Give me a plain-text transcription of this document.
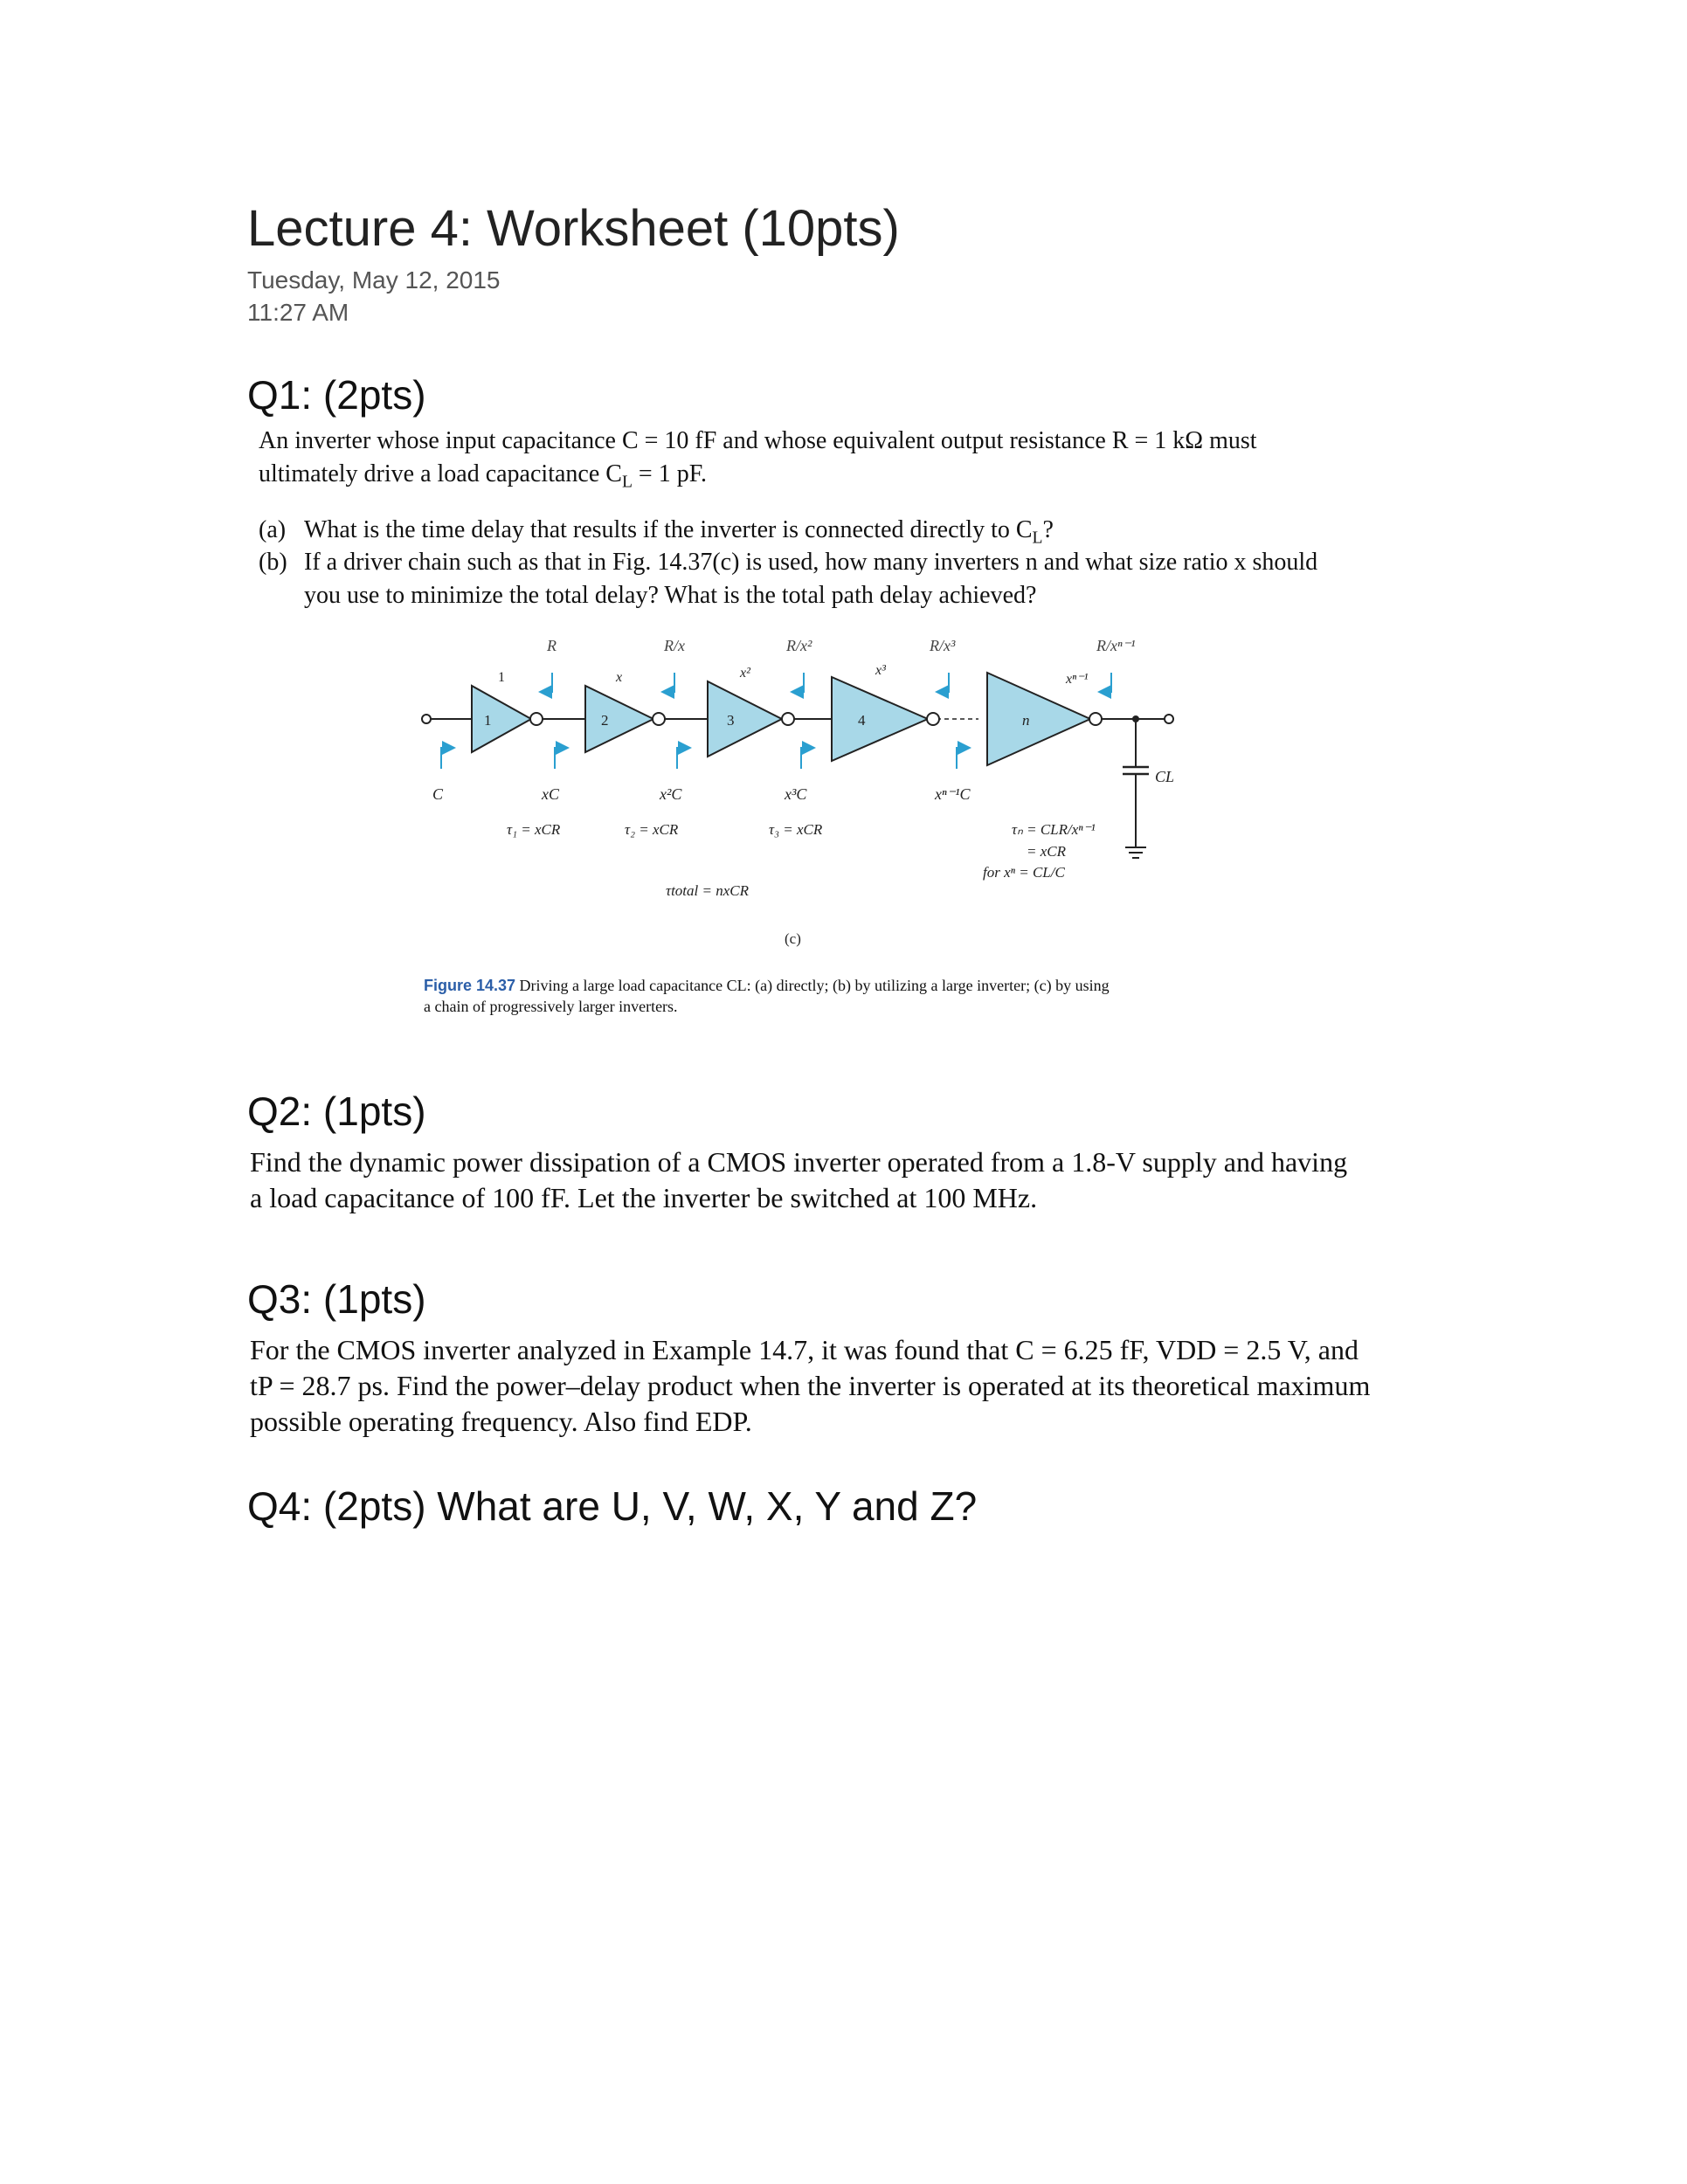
Lecture 4: Worksheet (10pts)
Tuesday, May 12, 2015
11:27 AM
Q1: (2pts)
An inverter whose input capacitance C = 10 fF and whose equivalent output resistance R = 1 kΩ must
ultimately drive a load capacitance $C_L = 1$ pF.
(a) What is the time delay that results if the inverter is connected directly to $C_L$?
(b) If a driver chain such as that in Fig. 14.37(c) is used, how many inverters n and what size ratio x should
you use to minimize the total delay? What is the total path delay achieved?
1	2	3	4	n
R	R/x	R/x²	R/x³	R/xⁿ⁻¹
1	x	x²	x³
xⁿ⁻¹
C	xC	x²C	x³C	xⁿ⁻¹C
CL
τ₁ = xCR	τ₂ = xCR	τ₃ = xCR	τₙ = CLR/xⁿ⁻¹
= xCR
for xⁿ = CL/C
τtotal = nxCR
(c)
Figure 14.37 Driving a large load capacitance CL: (a) directly; (b) by utilizing a large inverter; (c) by using
a chain of progressively larger inverters.
Q2: (1pts)
Find the dynamic power dissipation of a CMOS inverter operated from a 1.8-V supply and having
a load capacitance of 100 fF. Let the inverter be switched at 100 MHz.
Q3: (1pts)
For the CMOS inverter analyzed in Example 14.7, it was found that C = 6.25 fF, VDD = 2.5 V, and
tP = 28.7 ps. Find the power–delay product when the inverter is operated at its theoretical maximum
possible operating frequency. Also find EDP.
Q4: (2pts) What are U, V, W, X, Y and Z?
